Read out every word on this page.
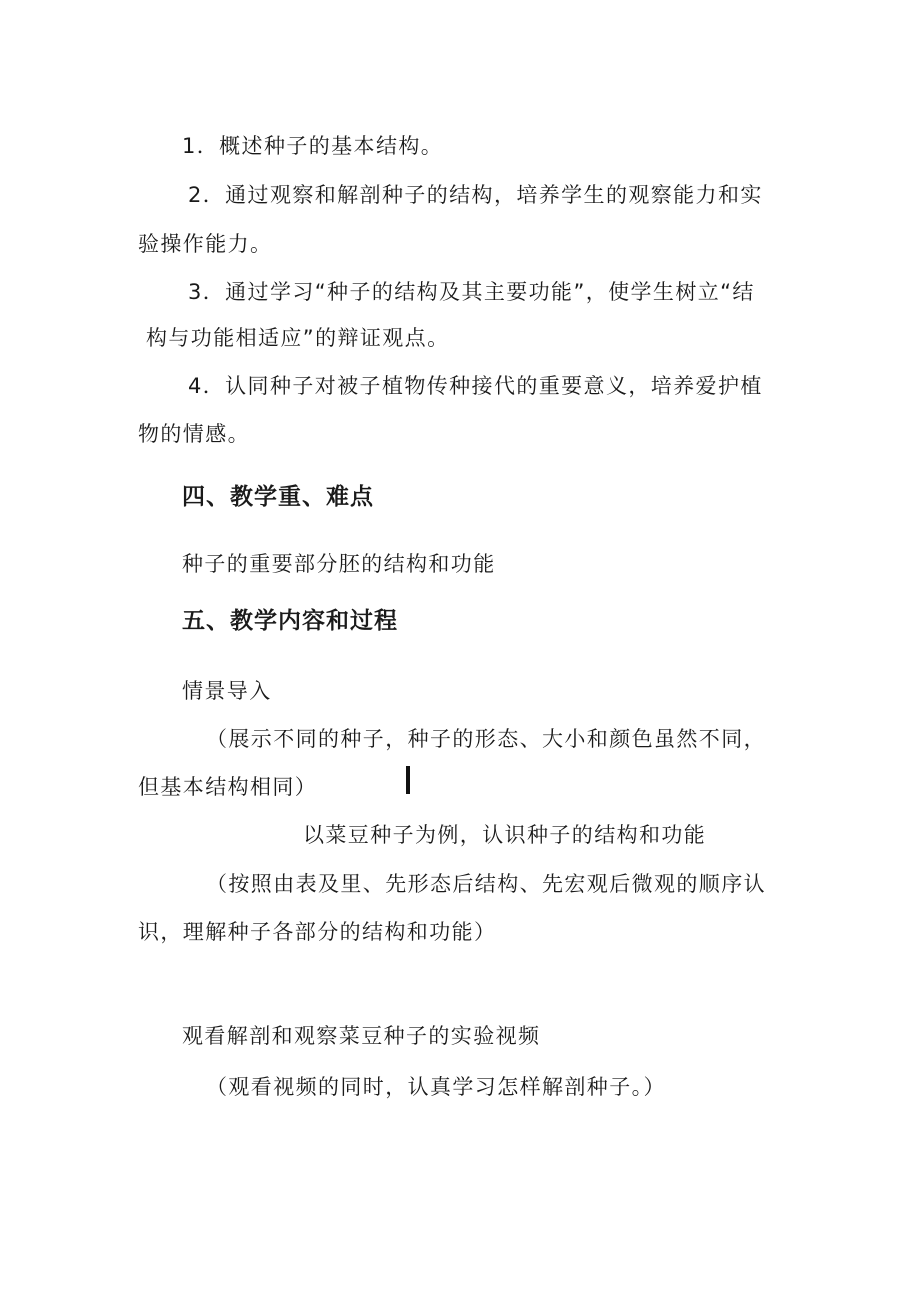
1．概述种子的基本结构。
2．通过观察和解剖种子的结构，培养学生的观察能力和实
验操作能力。
3．通过学习“种子的结构及其主要功能”，使学生树立“结
构与功能相适应”的辩证观点。
4．认同种子对被子植物传种接代的重要意义，培养爱护植
物的情感。
四、教学重、难点
种子的重要部分胚的结构和功能
五、教学内容和过程
情景导入
（展示不同的种子，种子的形态、大小和颜色虽然不同，
但基本结构相同）
以菜豆种子为例，认识种子的结构和功能
（按照由表及里、先形态后结构、先宏观后微观的顺序认
识，理解种子各部分的结构和功能）
观看解剖和观察菜豆种子的实验视频
（观看视频的同时，认真学习怎样解剖种子。）
